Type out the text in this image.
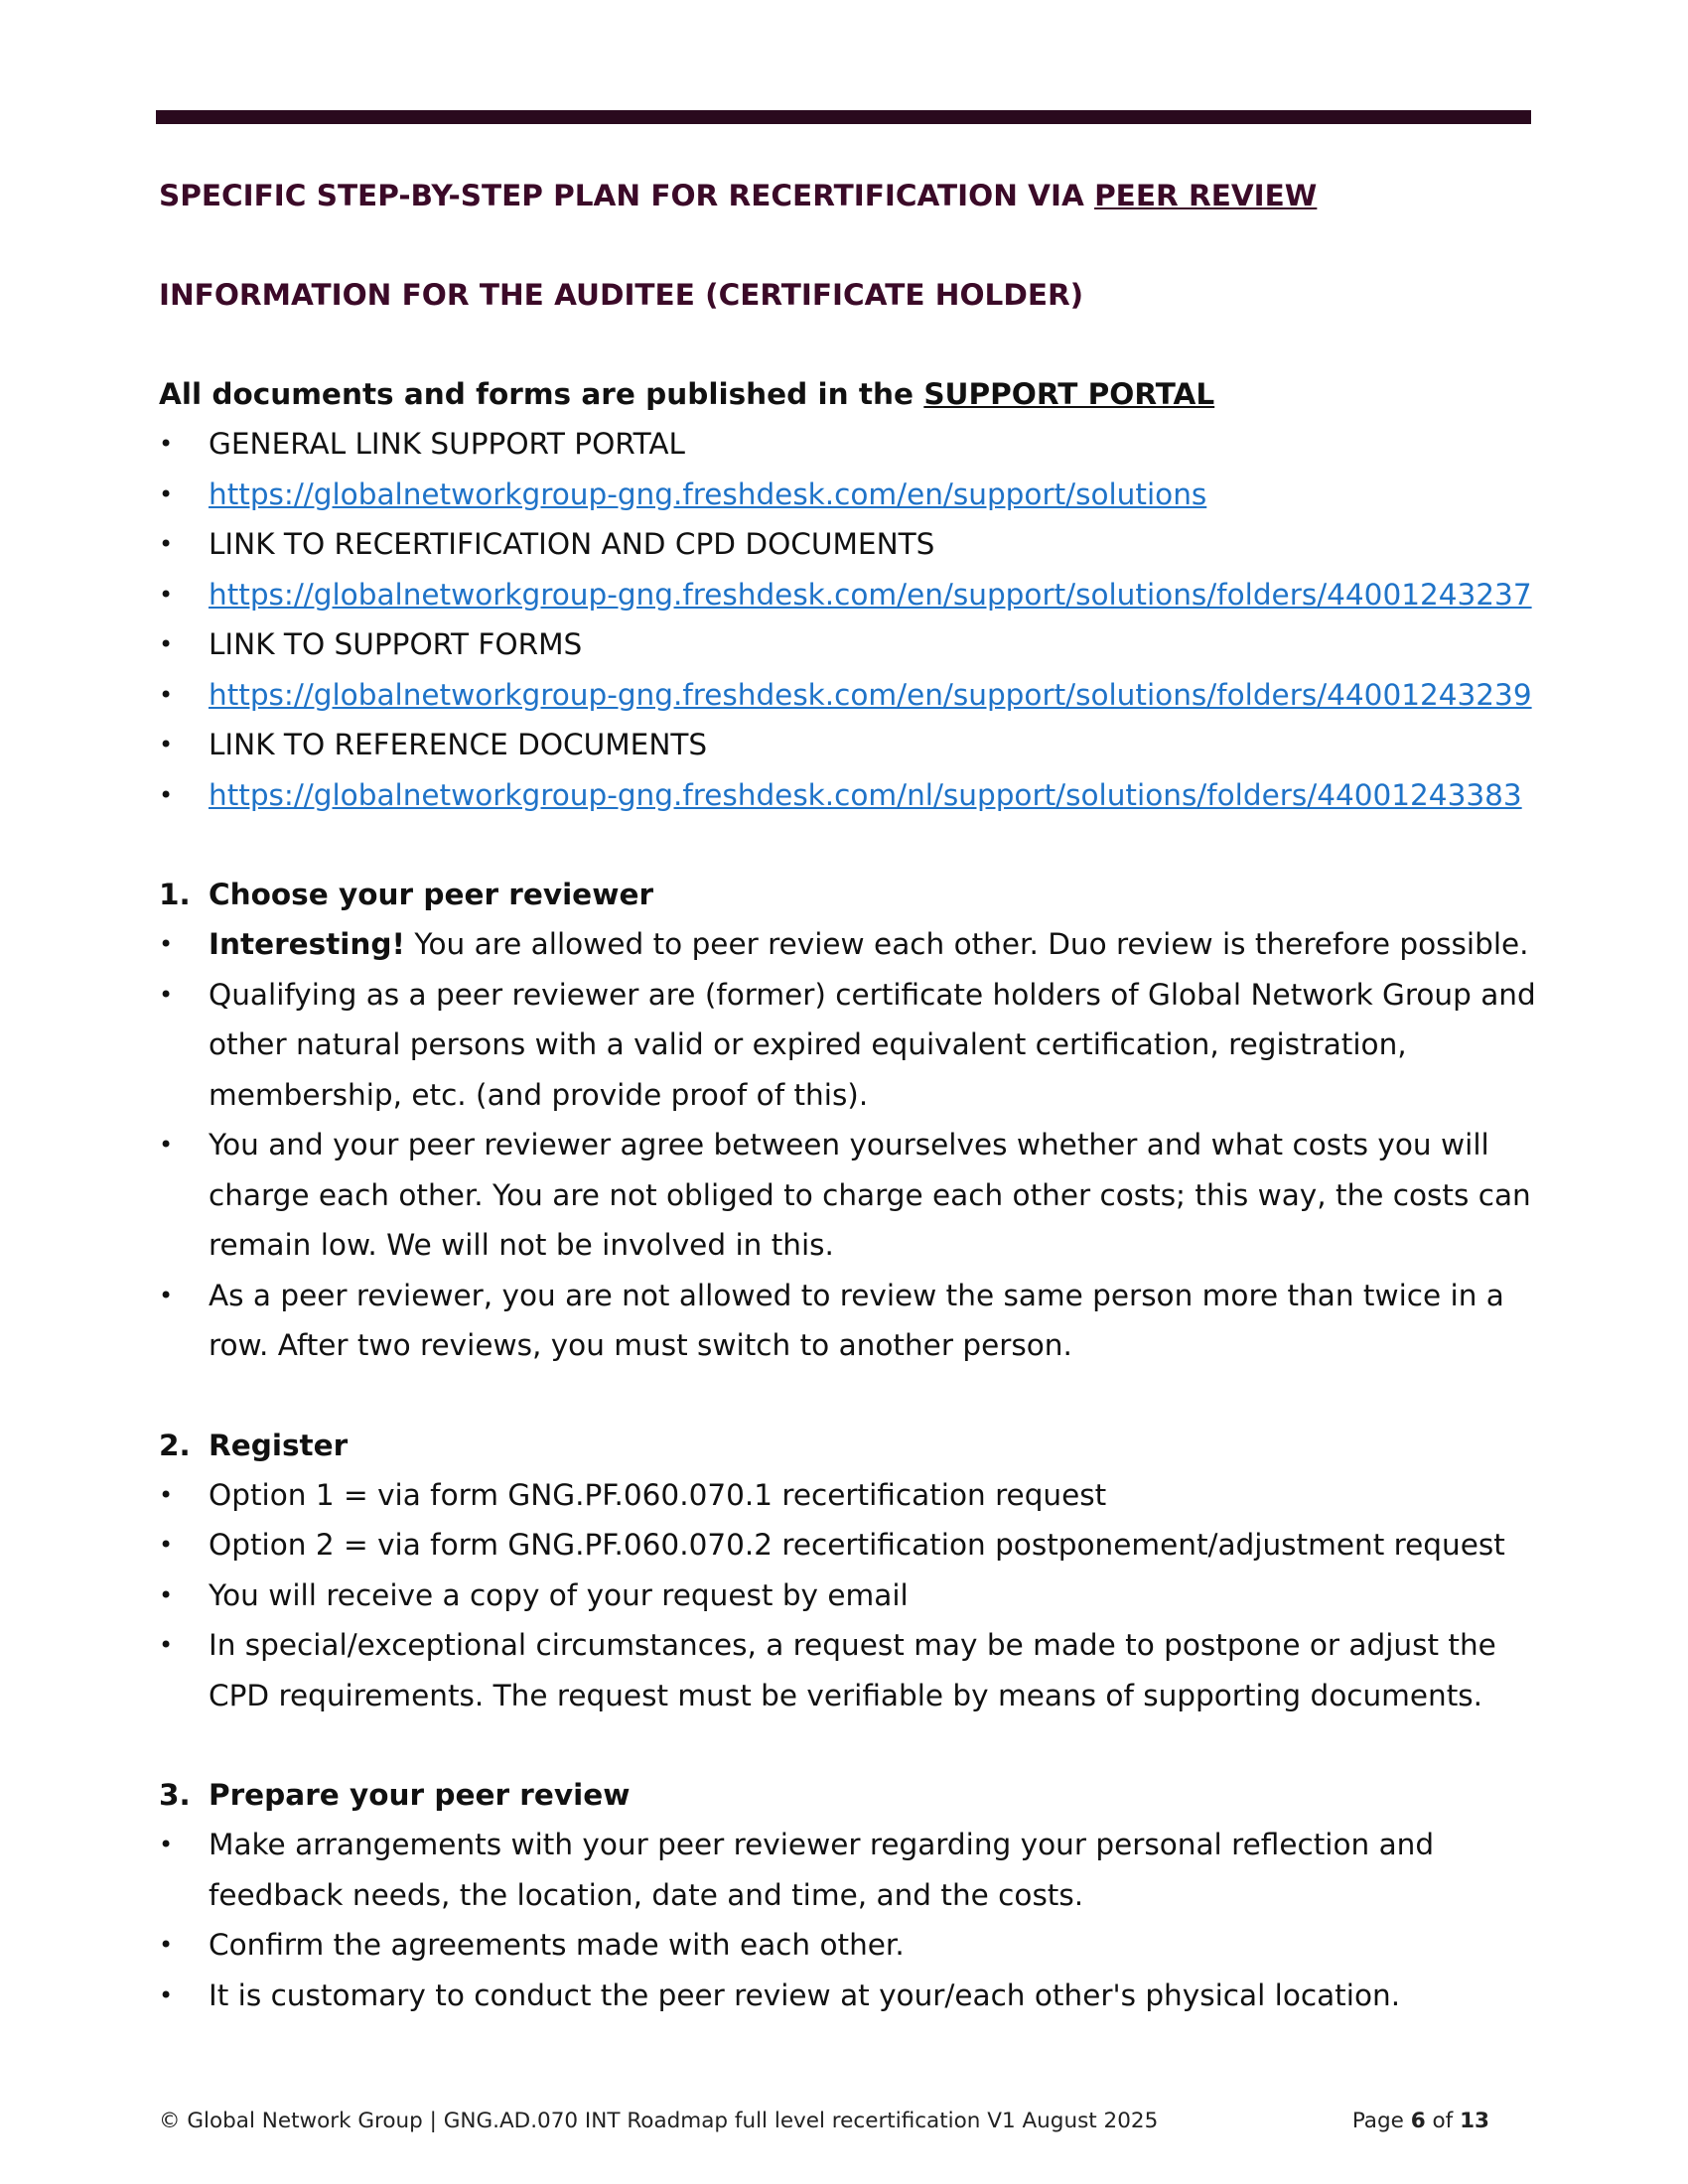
SPECIFIC STEP-BY-STEP PLAN FOR RECERTIFICATION VIA PEER REVIEW

INFORMATION FOR THE AUDITEE (CERTIFICATE HOLDER)

All documents and forms are published in the SUPPORT PORTAL
• GENERAL LINK SUPPORT PORTAL
• https://globalnetworkgroup-gng.freshdesk.com/en/support/solutions
• LINK TO RECERTIFICATION AND CPD DOCUMENTS
• https://globalnetworkgroup-gng.freshdesk.com/en/support/solutions/folders/44001243237
• LINK TO SUPPORT FORMS
• https://globalnetworkgroup-gng.freshdesk.com/en/support/solutions/folders/44001243239
• LINK TO REFERENCE DOCUMENTS
• https://globalnetworkgroup-gng.freshdesk.com/nl/support/solutions/folders/44001243383
1. Choose your peer reviewer
• Interesting! You are allowed to peer review each other. Duo review is therefore possible.
• Qualifying as a peer reviewer are (former) certificate holders of Global Network Group and other natural persons with a valid or expired equivalent certification, registration, membership, etc. (and provide proof of this).
• You and your peer reviewer agree between yourselves whether and what costs you will charge each other. You are not obliged to charge each other costs; this way, the costs can remain low. We will not be involved in this.
• As a peer reviewer, you are not allowed to review the same person more than twice in a row. After two reviews, you must switch to another person.
2. Register
• Option 1 = via form GNG.PF.060.070.1 recertification request
• Option 2 = via form GNG.PF.060.070.2 recertification postponement/adjustment request
• You will receive a copy of your request by email
• In special/exceptional circumstances, a request may be made to postpone or adjust the CPD requirements. The request must be verifiable by means of supporting documents.
3. Prepare your peer review
• Make arrangements with your peer reviewer regarding your personal reflection and feedback needs, the location, date and time, and the costs.
• Confirm the agreements made with each other.
• It is customary to conduct the peer review at your/each other's physical location.
© Global Network Group | GNG.AD.070 INT Roadmap full level recertification V1 August 2025	Page 6 of 13
